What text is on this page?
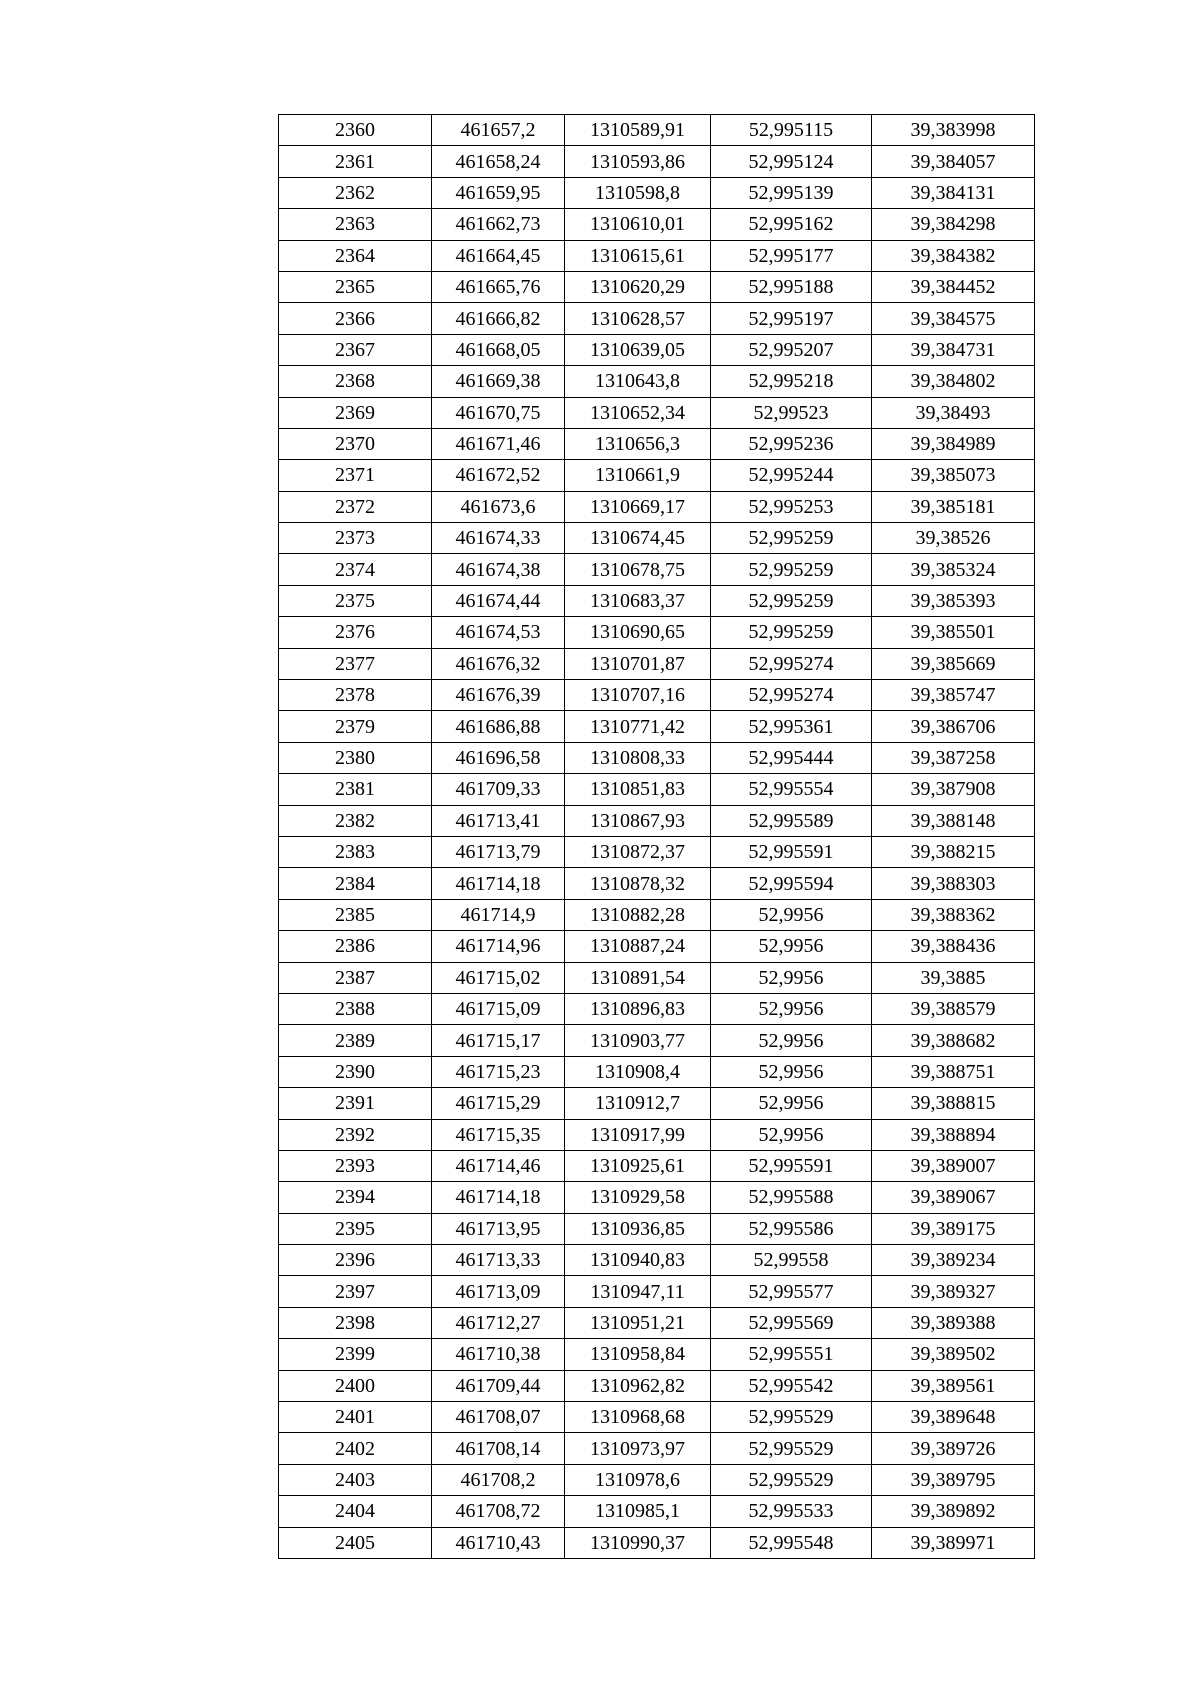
2360	461657,2	1310589,91	52,995115	39,383998
2361	461658,24	1310593,86	52,995124	39,384057
2362	461659,95	1310598,8	52,995139	39,384131
2363	461662,73	1310610,01	52,995162	39,384298
2364	461664,45	1310615,61	52,995177	39,384382
2365	461665,76	1310620,29	52,995188	39,384452
2366	461666,82	1310628,57	52,995197	39,384575
2367	461668,05	1310639,05	52,995207	39,384731
2368	461669,38	1310643,8	52,995218	39,384802
2369	461670,75	1310652,34	52,99523	39,38493
2370	461671,46	1310656,3	52,995236	39,384989
2371	461672,52	1310661,9	52,995244	39,385073
2372	461673,6	1310669,17	52,995253	39,385181
2373	461674,33	1310674,45	52,995259	39,38526
2374	461674,38	1310678,75	52,995259	39,385324
2375	461674,44	1310683,37	52,995259	39,385393
2376	461674,53	1310690,65	52,995259	39,385501
2377	461676,32	1310701,87	52,995274	39,385669
2378	461676,39	1310707,16	52,995274	39,385747
2379	461686,88	1310771,42	52,995361	39,386706
2380	461696,58	1310808,33	52,995444	39,387258
2381	461709,33	1310851,83	52,995554	39,387908
2382	461713,41	1310867,93	52,995589	39,388148
2383	461713,79	1310872,37	52,995591	39,388215
2384	461714,18	1310878,32	52,995594	39,388303
2385	461714,9	1310882,28	52,9956	39,388362
2386	461714,96	1310887,24	52,9956	39,388436
2387	461715,02	1310891,54	52,9956	39,3885
2388	461715,09	1310896,83	52,9956	39,388579
2389	461715,17	1310903,77	52,9956	39,388682
2390	461715,23	1310908,4	52,9956	39,388751
2391	461715,29	1310912,7	52,9956	39,388815
2392	461715,35	1310917,99	52,9956	39,388894
2393	461714,46	1310925,61	52,995591	39,389007
2394	461714,18	1310929,58	52,995588	39,389067
2395	461713,95	1310936,85	52,995586	39,389175
2396	461713,33	1310940,83	52,99558	39,389234
2397	461713,09	1310947,11	52,995577	39,389327
2398	461712,27	1310951,21	52,995569	39,389388
2399	461710,38	1310958,84	52,995551	39,389502
2400	461709,44	1310962,82	52,995542	39,389561
2401	461708,07	1310968,68	52,995529	39,389648
2402	461708,14	1310973,97	52,995529	39,389726
2403	461708,2	1310978,6	52,995529	39,389795
2404	461708,72	1310985,1	52,995533	39,389892
2405	461710,43	1310990,37	52,995548	39,389971
